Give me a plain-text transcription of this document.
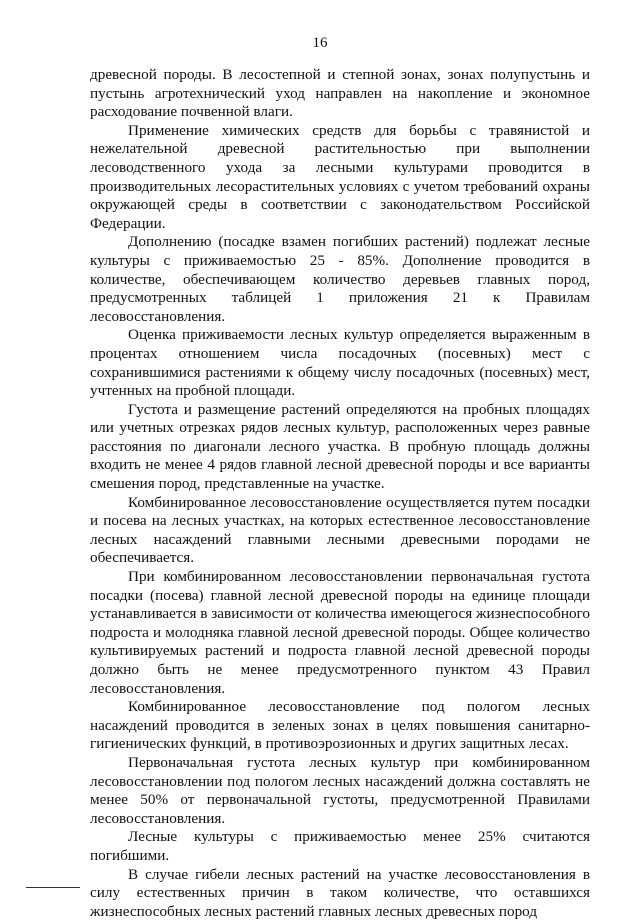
16

древесной породы. В лесостепной и степной зонах, зонах полупустынь и пустынь агротехнический уход направлен на накопление и экономное расходование почвенной влаги.

Применение химических средств для борьбы с травянистой и нежелательной древесной растительностью при выполнении лесоводственного ухода за лесными культурами проводится в производительных лесорастительных условиях с учетом требований охраны окружающей среды в соответствии с законодательством Российской Федерации.

Дополнению (посадке взамен погибших растений) подлежат лесные культуры с приживаемостью 25 - 85%. Дополнение проводится в количестве, обеспечивающем количество деревьев главных пород, предусмотренных таблицей 1 приложения 21 к Правилам лесовосстановления.

Оценка приживаемости лесных культур определяется выраженным в процентах отношением числа посадочных (посевных) мест с сохранившимися растениями к общему числу посадочных (посевных) мест, учтенных на пробной площади.

Густота и размещение растений определяются на пробных площадях или учетных отрезках рядов лесных культур, расположенных через равные расстояния по диагонали лесного участка. В пробную площадь должны входить не менее 4 рядов главной лесной древесной породы и все варианты смешения пород, представленные на участке.

Комбинированное лесовосстановление осуществляется путем посадки и посева на лесных участках, на которых естественное лесовосстановление лесных насаждений главными лесными древесными породами не обеспечивается.

При комбинированном лесовосстановлении первоначальная густота посадки (посева) главной лесной древесной породы на единице площади устанавливается в зависимости от количества имеющегося жизнеспособного подроста и молодняка главной лесной древесной породы. Общее количество культивируемых растений и подроста главной лесной древесной породы должно быть не менее предусмотренного пунктом 43 Правил лесовосстановления.

Комбинированное лесовосстановление под пологом лесных насаждений проводится в зеленых зонах в целях повышения санитарно-гигиенических функций, в противоэрозионных и других защитных лесах.

Первоначальная густота лесных культур при комбинированном лесовосстановлении под пологом лесных насаждений должна составлять не менее 50% от первоначальной густоты, предусмотренной Правилами лесовосстановления.

Лесные культуры с приживаемостью менее 25% считаются погибшими.

В случае гибели лесных растений на участке лесовосстановления в силу естественных причин в таком количестве, что оставшихся жизнеспособных лесных растений главных лесных древесных пород
